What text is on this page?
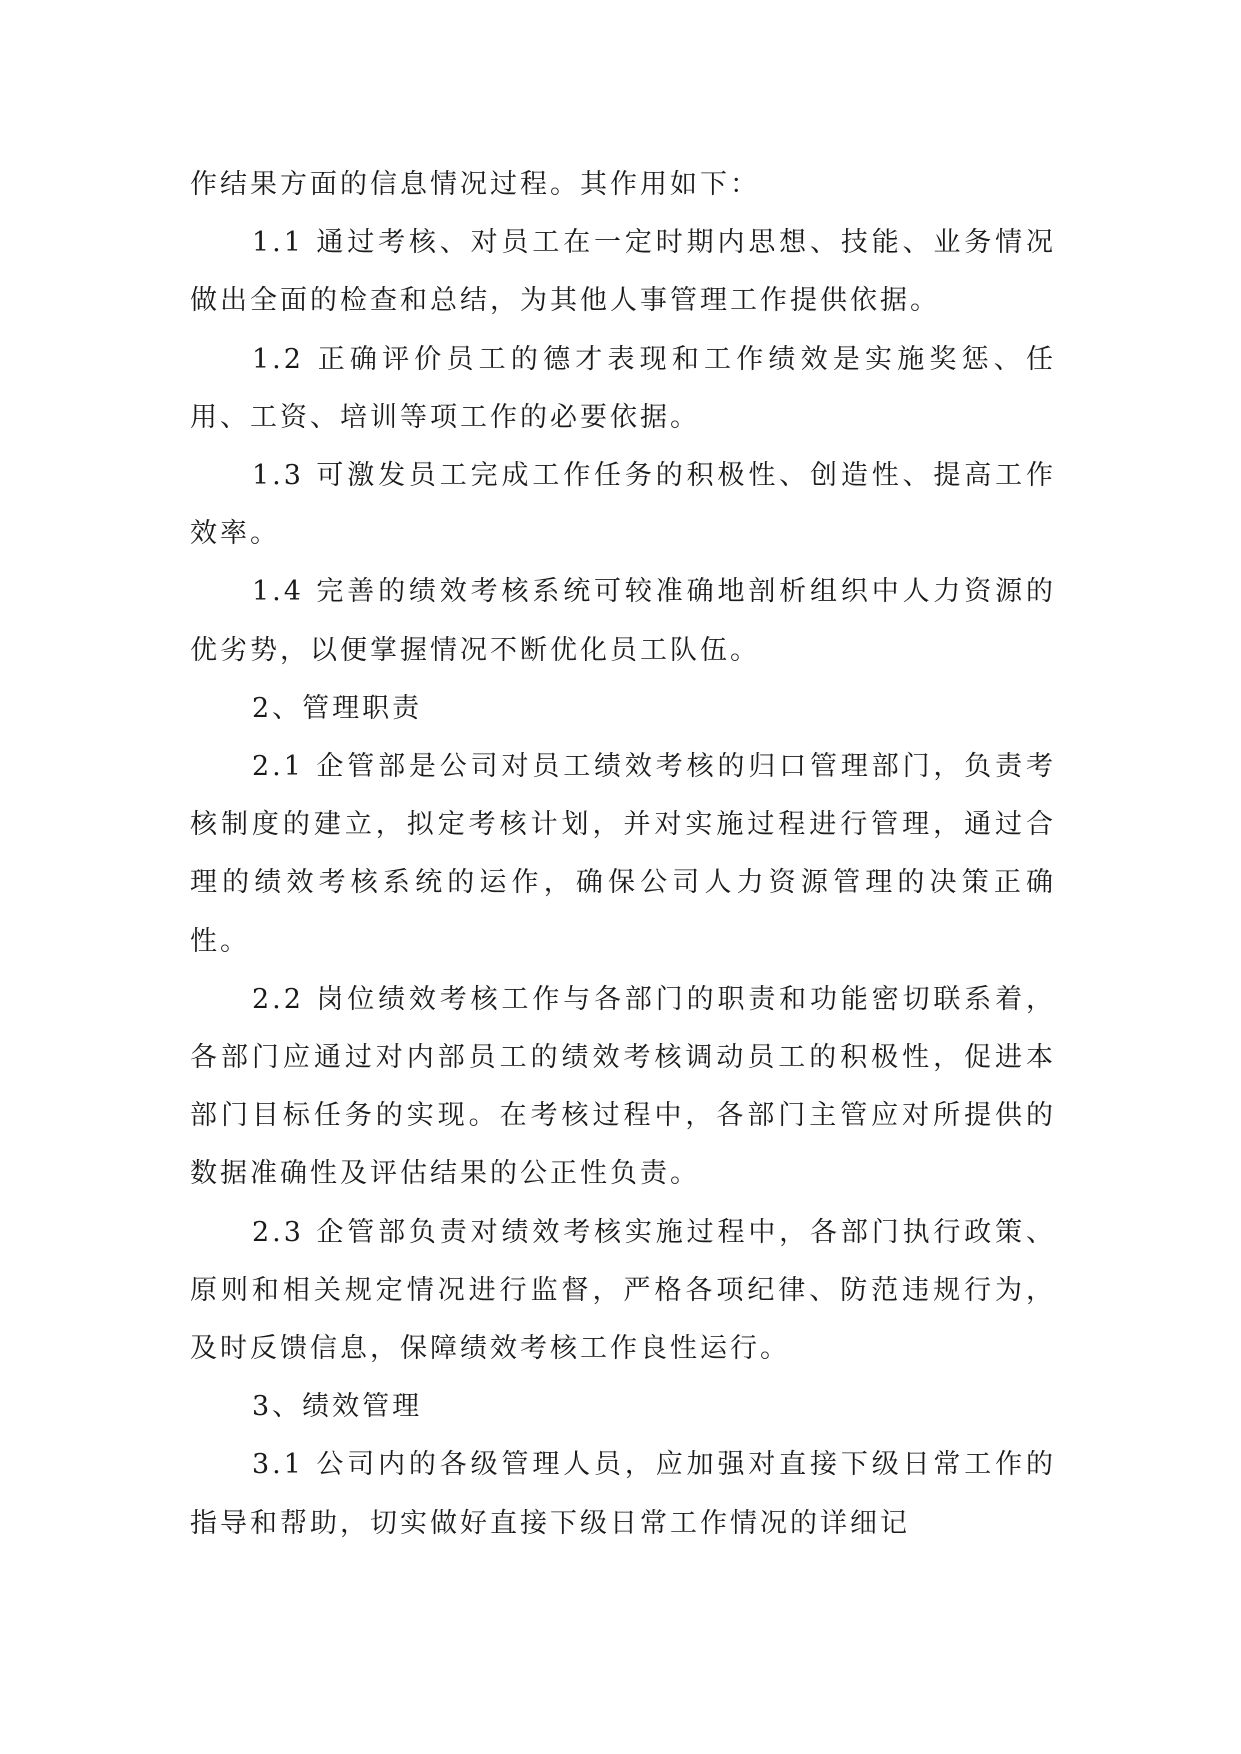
作结果方面的信息情况过程。其作用如下：

1.1 通过考核、对员工在一定时期内思想、技能、业务情况做出全面的检查和总结，为其他人事管理工作提供依据。

1.2 正确评价员工的德才表现和工作绩效是实施奖惩、任用、工资、培训等项工作的必要依据。

1.3 可激发员工完成工作任务的积极性、创造性、提高工作效率。

1.4 完善的绩效考核系统可较准确地剖析组织中人力资源的优劣势，以便掌握情况不断优化员工队伍。

2、管理职责

2.1 企管部是公司对员工绩效考核的归口管理部门，负责考核制度的建立，拟定考核计划，并对实施过程进行管理，通过合理的绩效考核系统的运作，确保公司人力资源管理的决策正确性。

2.2 岗位绩效考核工作与各部门的职责和功能密切联系着，各部门应通过对内部员工的绩效考核调动员工的积极性，促进本部门目标任务的实现。在考核过程中，各部门主管应对所提供的数据准确性及评估结果的公正性负责。

2.3 企管部负责对绩效考核实施过程中，各部门执行政策、原则和相关规定情况进行监督，严格各项纪律、防范违规行为，及时反馈信息，保障绩效考核工作良性运行。

3、绩效管理

3.1 公司内的各级管理人员，应加强对直接下级日常工作的指导和帮助，切实做好直接下级日常工作情况的详细记
